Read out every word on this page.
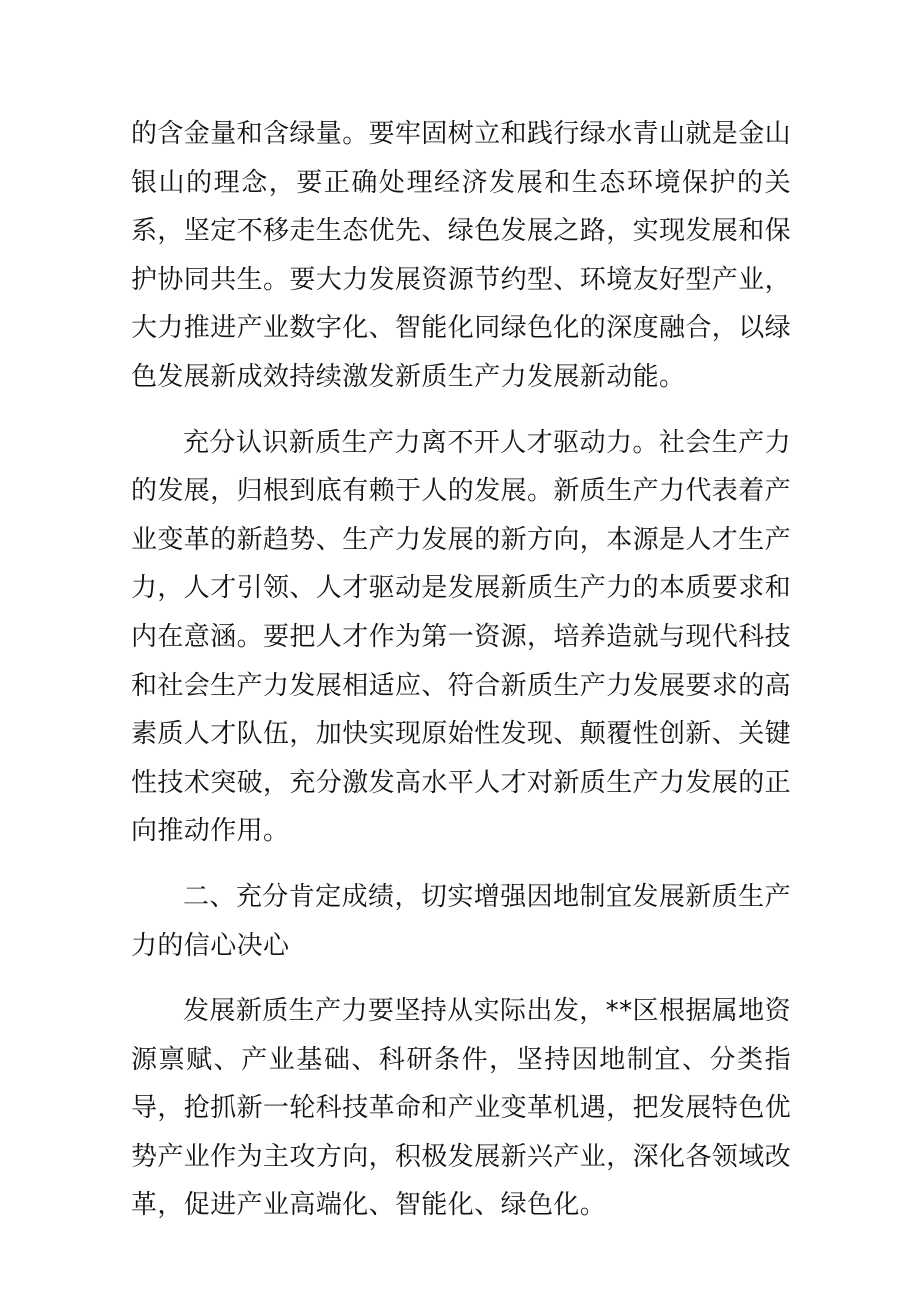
的含金量和含绿量。要牢固树立和践行绿水青山就是金山银山的理念，要正确处理经济发展和生态环境保护的关系，坚定不移走生态优先、绿色发展之路，实现发展和保护协同共生。要大力发展资源节约型、环境友好型产业，大力推进产业数字化、智能化同绿色化的深度融合，以绿色发展新成效持续激发新质生产力发展新动能。

充分认识新质生产力离不开人才驱动力。社会生产力的发展，归根到底有赖于人的发展。新质生产力代表着产业变革的新趋势、生产力发展的新方向，本源是人才生产力，人才引领、人才驱动是发展新质生产力的本质要求和内在意涵。要把人才作为第一资源，培养造就与现代科技和社会生产力发展相适应、符合新质生产力发展要求的高素质人才队伍，加快实现原始性发现、颠覆性创新、关键性技术突破，充分激发高水平人才对新质生产力发展的正向推动作用。

二、充分肯定成绩，切实增强因地制宜发展新质生产力的信心决心

发展新质生产力要坚持从实际出发，**区根据属地资源禀赋、产业基础、科研条件，坚持因地制宜、分类指导，抢抓新一轮科技革命和产业变革机遇，把发展特色优势产业作为主攻方向，积极发展新兴产业，深化各领域改革，促进产业高端化、智能化、绿色化。
